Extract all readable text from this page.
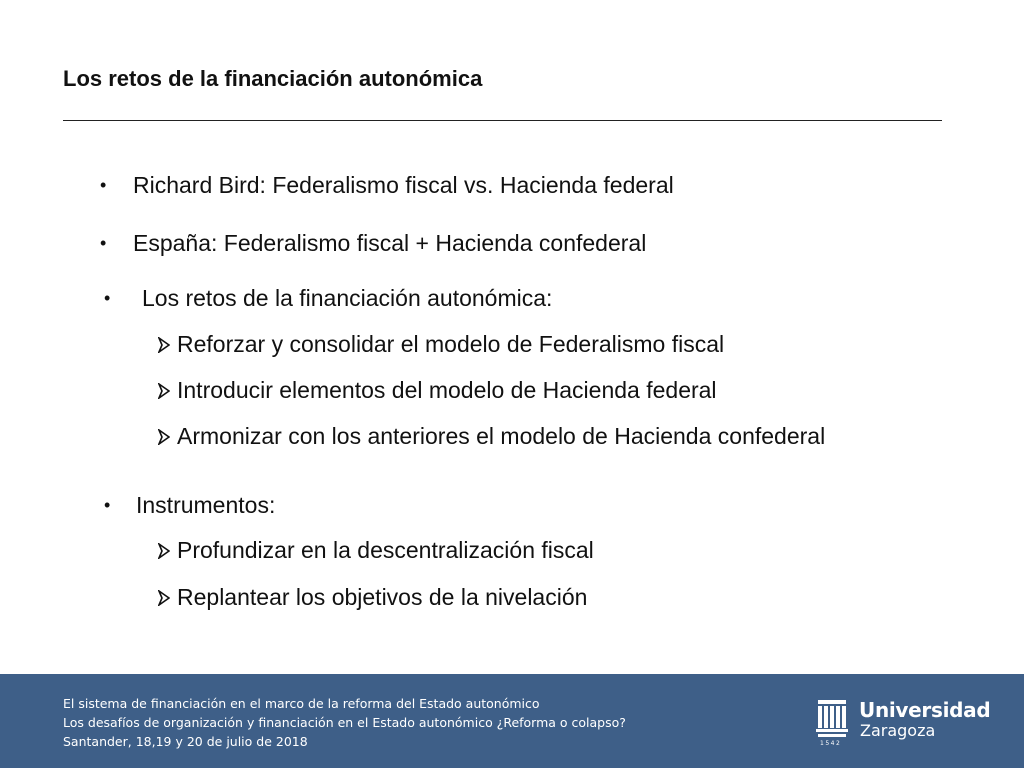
Los retos de la financiación autonómica
• Richard Bird: Federalismo fiscal vs. Hacienda federal
• España: Federalismo fiscal + Hacienda confederal
• Los retos de la financiación autonómica:
Reforzar y consolidar el modelo de Federalismo fiscal
Introducir elementos del modelo de Hacienda federal
Armonizar con los anteriores el modelo de Hacienda confederal
• Instrumentos:
Profundizar en la descentralización fiscal
Replantear los objetivos de la nivelación
El sistema de financiación en el marco de la reforma del Estado autonómico
Los desafíos de organización y financiación en el Estado autonómico ¿Reforma o colapso?
Santander, 18,19 y 20 de julio de 2018
Universidad
Zaragoza
1542
